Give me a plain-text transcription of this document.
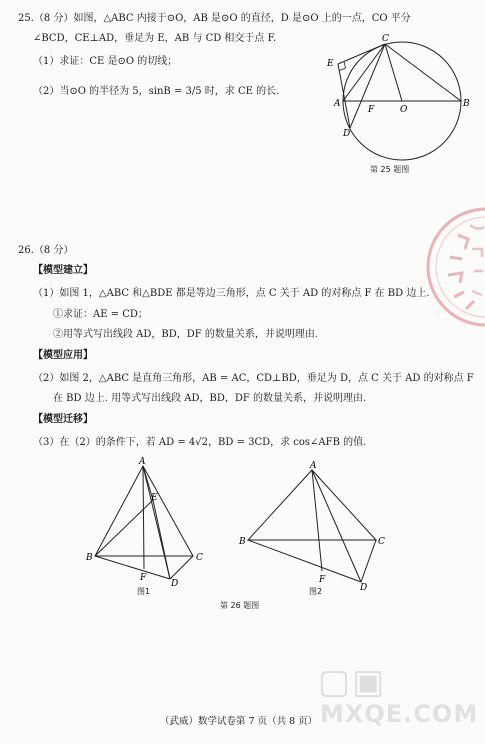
25.（8 分）如图，△ABC 内接于⊙O，AB 是⊙O 的直径，D 是⊙O 上的一点，CO 平分
∠BCD，CE⊥AD，垂足为 E，AB 与 CD 相交于点 F.
（1）求证：CE 是⊙O 的切线；
（2）当⊙O 的半径为 5，sinB = 3/5 时，求 CE 的长.
C
E
A
F	O
B
D
第 25 题图
26.（8 分）
【模型建立】
（1）如图 1，△ABC 和△BDE 都是等边三角形，点 C 关于 AD 的对称点 F 在 BD 边上.
①求证：AE = CD；
②用等式写出线段 AD，BD，DF 的数量关系，并说明理由.
【模型应用】
（2）如图 2，△ABC 是直角三角形，AB = AC，CD⊥BD，垂足为 D，点 C 关于 AD 的对称点 F
在 BD 边上. 用等式写出线段 AD，BD，DF 的数量关系，并说明理由.
【模型迁移】
（3）在（2）的条件下，若 AD = 4√2，BD = 3CD，求 cos∠AFB 的值.
A
E
B	C
F
D
图1
A
B	C
F
D
图2
第 26 题图
▢▣
MXQE.COM
（武威）数学试卷第 7 页（共 8 页）
